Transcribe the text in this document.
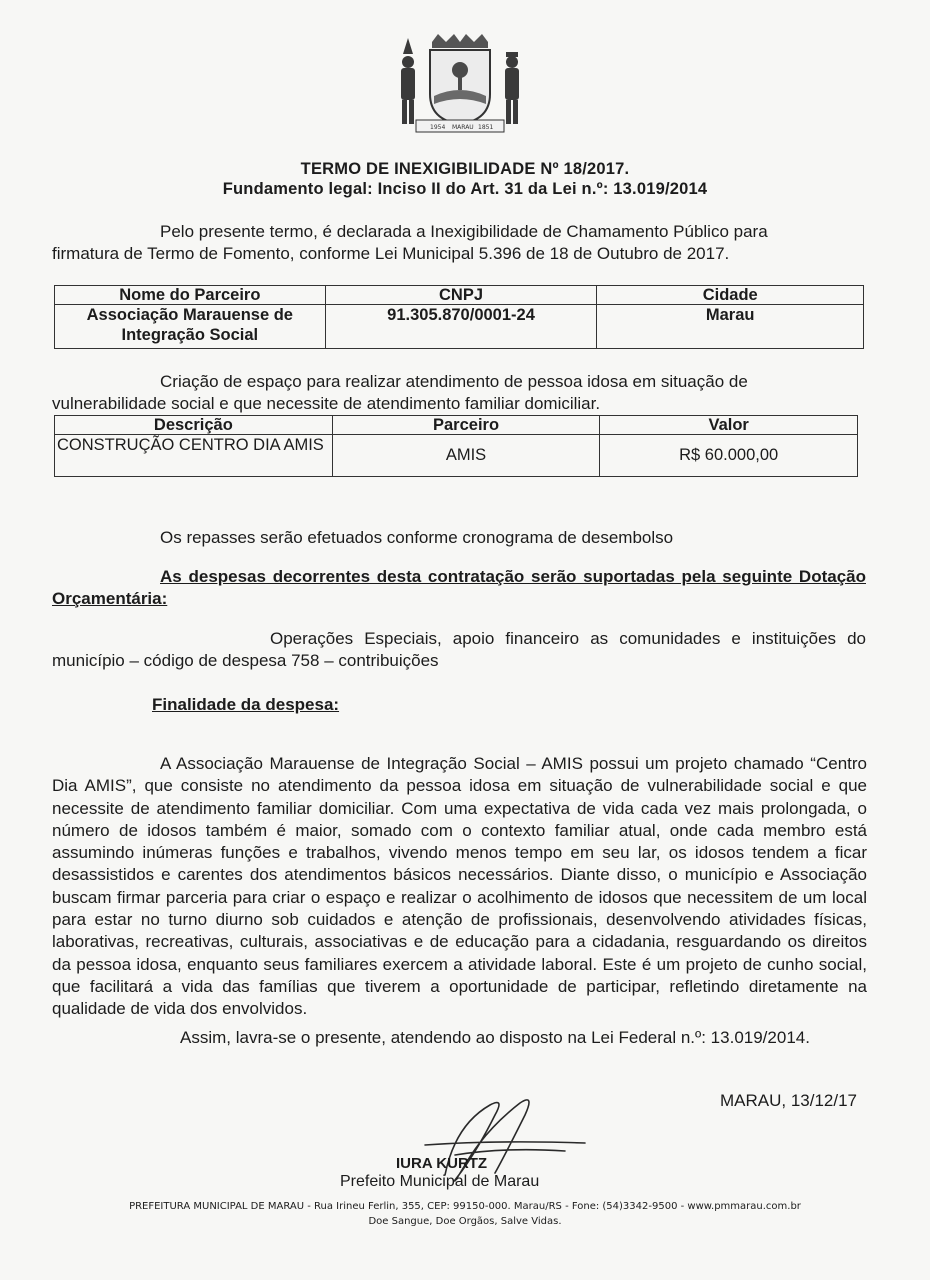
1954 MARAU 1851
TERMO DE INEXIGIBILIDADE Nº 18/2017.
Fundamento legal: Inciso II do Art. 31 da Lei n.º: 13.019/2014
Pelo presente termo, é declarada a Inexigibilidade de Chamamento Público para firmatura de Termo de Fomento, conforme Lei Municipal 5.396 de 18 de Outubro de 2017.
Nome do Parceiro	CNPJ	Cidade
Associação Marauense de Integração Social	91.305.870/0001-24	Marau
Criação de espaço para realizar atendimento de pessoa idosa em situação de vulnerabilidade social e que necessite de atendimento familiar domiciliar.
Descrição	Parceiro	Valor
CONSTRUÇÃO CENTRO DIA AMIS	AMIS	R$ 60.000,00
Os repasses serão efetuados conforme cronograma de desembolso
As despesas decorrentes desta contratação serão suportadas pela seguinte Dotação Orçamentária:
Operações Especiais, apoio financeiro as comunidades e instituições do município – código de despesa 758 – contribuições
Finalidade da despesa:
A Associação Marauense de Integração Social – AMIS possui um projeto chamado “Centro Dia AMIS”, que consiste no atendimento da pessoa idosa em situação de vulnerabilidade social e que necessite de atendimento familiar domiciliar. Com uma expectativa de vida cada vez mais prolongada, o número de idosos também é maior, somado com o contexto familiar atual, onde cada membro está assumindo inúmeras funções e trabalhos, vivendo menos tempo em seu lar, os idosos tendem a ficar desassistidos e carentes dos atendimentos básicos necessários. Diante disso, o município e Associação buscam firmar parceria para criar o espaço e realizar o acolhimento de idosos que necessitem de um local para estar no turno diurno sob cuidados e atenção de profissionais, desenvolvendo atividades físicas, laborativas, recreativas, culturais, associativas e de educação para a cidadania, resguardando os direitos da pessoa idosa, enquanto seus familiares exercem a atividade laboral. Este é um projeto de cunho social, que facilitará a vida das famílias que tiverem a oportunidade de participar, refletindo diretamente na qualidade de vida dos envolvidos.
Assim, lavra-se o presente, atendendo ao disposto na Lei Federal n.º: 13.019/2014.
MARAU, 13/12/17
IURA KURTZ
Prefeito Municipal de Marau
PREFEITURA MUNICIPAL DE MARAU - Rua Irineu Ferlin, 355, CEP: 99150-000. Marau/RS - Fone: (54)3342-9500 - www.pmmarau.com.br
Doe Sangue, Doe Orgãos, Salve Vidas.
